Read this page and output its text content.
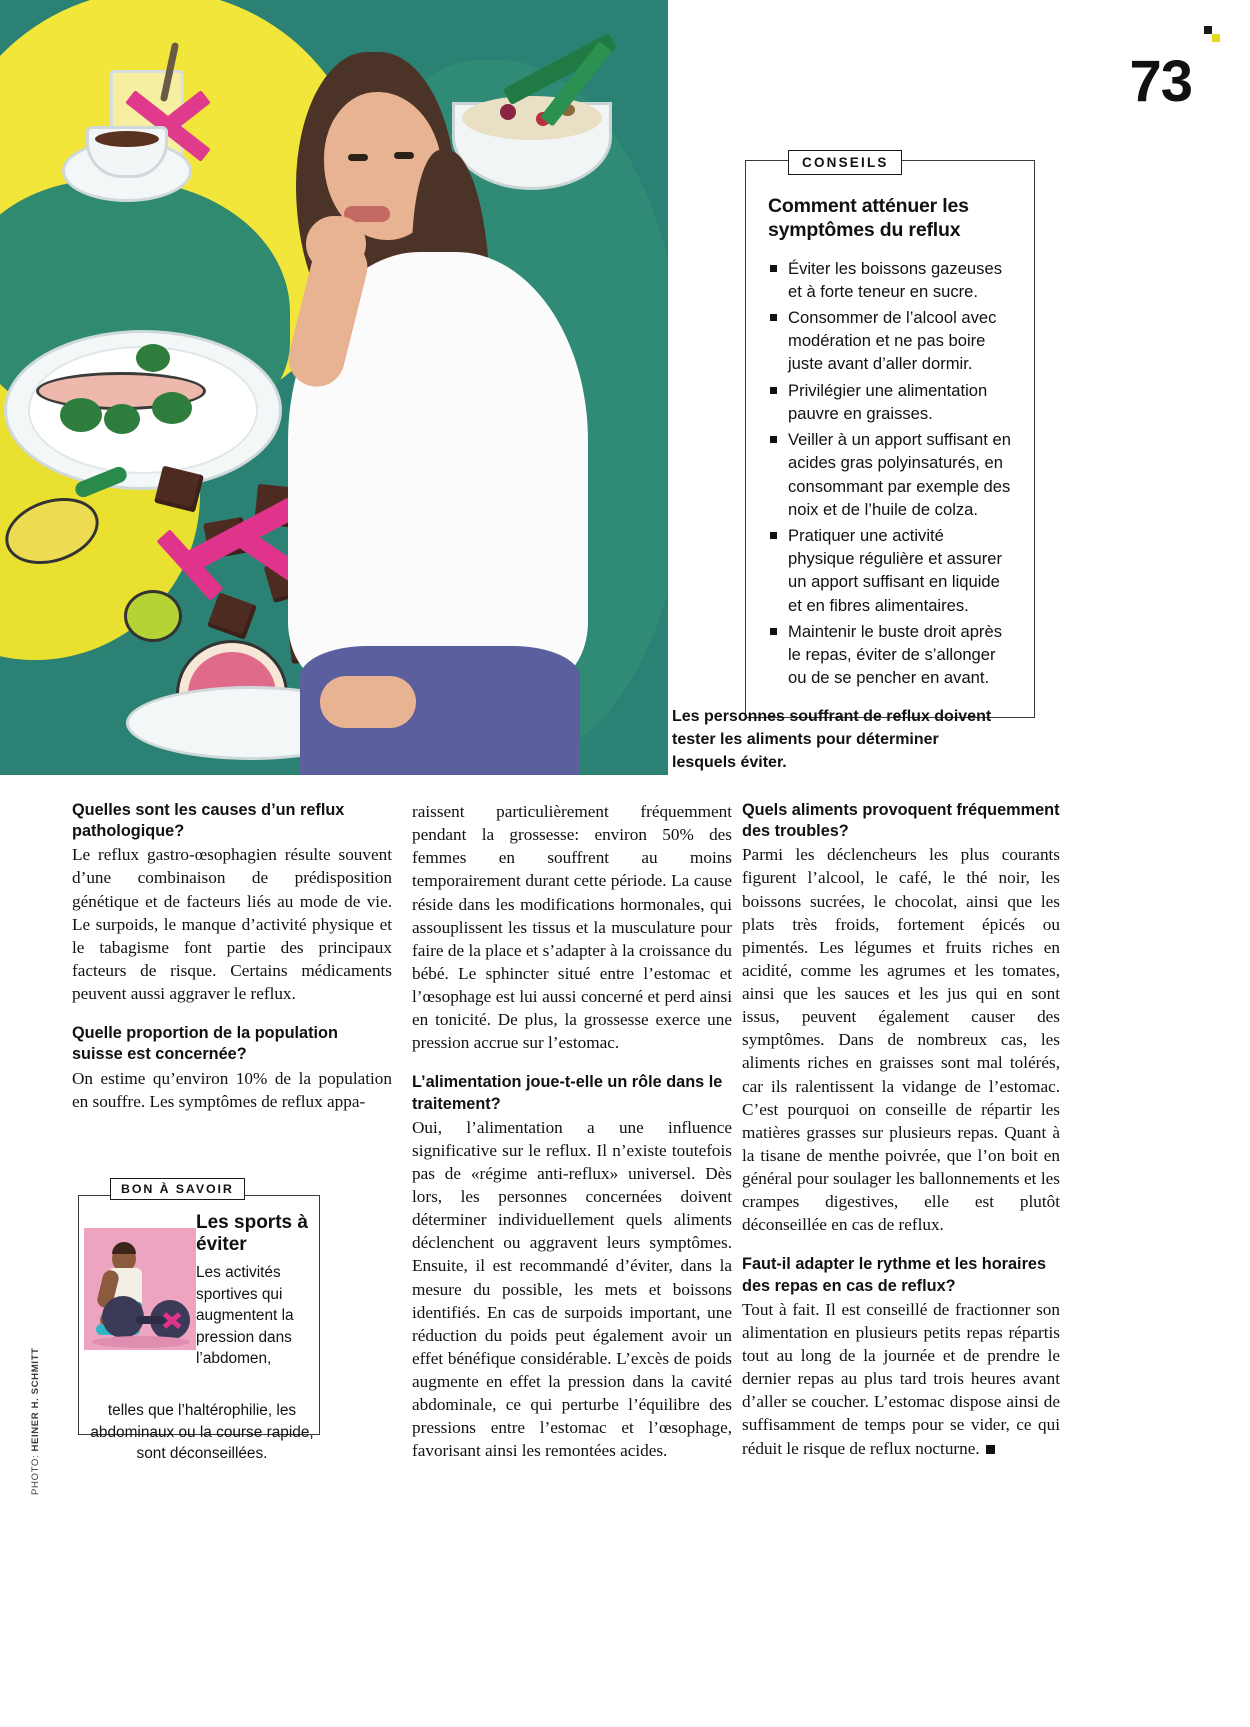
73
Comment atténuer les symptômes du reflux
Éviter les boissons gazeuses et à forte teneur en sucre.
Consommer de l’alcool avec modération et ne pas boire juste avant d’aller dormir.
Privilégier une alimentation pauvre en graisses.
Veiller à un apport suffisant en acides gras polyinsaturés, en consommant par exemple des noix et de l’huile de colza.
Pratiquer une activité physique régulière et assurer un apport suffisant en liquide et en fibres alimentaires.
Maintenir le buste droit après le repas, éviter de s’allonger ou de se pencher en avant.
CONSEILS
Les personnes souffrant de reflux doivent tester les aliments pour déterminer lesquels éviter.
Quelles sont les causes d’un reflux pathologique?

Le reflux gastro-œsophagien résulte souvent d’une combinaison de prédisposition génétique et de facteurs liés au mode de vie. Le surpoids, le manque d’activité physique et le tabagisme font partie des principaux facteurs de risque. Certains médicaments peuvent aussi aggraver le reflux.

Quelle proportion de la population suisse est concernée?

On estime qu’environ 10% de la population en souffre. Les symptômes de reflux appa-

raissent particulièrement fréquemment pendant la grossesse: environ 50% des femmes en souffrent au moins temporairement durant cette période. La cause réside dans les modifications hormonales, qui assouplissent les tissus et la musculature pour faire de la place et s’adapter à la croissance du bébé. Le sphincter situé entre l’estomac et l’œsophage est lui aussi concerné et perd ainsi en tonicité. De plus, la grossesse exerce une pression accrue sur l’estomac.

L’alimentation joue-t-elle un rôle dans le traitement?

Oui, l’alimentation a une influence significative sur le reflux. Il n’existe toutefois pas de «régime anti-reflux» universel. Dès lors, les personnes concernées doivent déterminer individuellement quels aliments déclenchent ou aggravent leurs symptômes. Ensuite, il est recommandé d’éviter, dans la mesure du possible, les mets et boissons identifiés. En cas de surpoids important, une réduction du poids peut également avoir un effet bénéfique considérable. L’excès de poids augmente en effet la pression dans la cavité abdominale, ce qui perturbe l’équilibre des pressions entre l’estomac et l’œsophage, favorisant ainsi les remontées acides.

Quels aliments provoquent fréquemment des troubles?

Parmi les déclencheurs les plus courants figurent l’alcool, le café, le thé noir, les boissons sucrées, le chocolat, ainsi que les plats très froids, fortement épicés ou pimentés. Les légumes et fruits riches en acidité, comme les agrumes et les tomates, ainsi que les sauces et les jus qui en sont issus, peuvent également causer des symptômes. Dans de nombreux cas, les aliments riches en graisses sont mal tolérés, car ils ralentissent la vidange de l’estomac. C’est pourquoi on conseille de répartir les matières grasses sur plusieurs repas. Quant à la tisane de menthe poivrée, que l’on boit en général pour soulager les ballonnements et les crampes digestives, elle est plutôt déconseillée en cas de reflux.

Faut-il adapter le rythme et les horaires des repas en cas de reflux?

Tout à fait. Il est conseillé de fractionner son alimentation en plusieurs petits repas répartis tout au long de la journée et de prendre le dernier repas au plus tard trois heures avant d’aller se coucher. L’estomac dispose ainsi de suffisamment de temps pour se vider, ce qui réduit le risque de reflux nocturne.

BON À SAVOIR
Les sports à éviter
Les activités sportives qui augmentent la pression dans l’abdomen,
telles que l’haltérophilie, les abdominaux ou la course rapide, sont déconseillées.
PHOTO: HEINER H. SCHMITT
